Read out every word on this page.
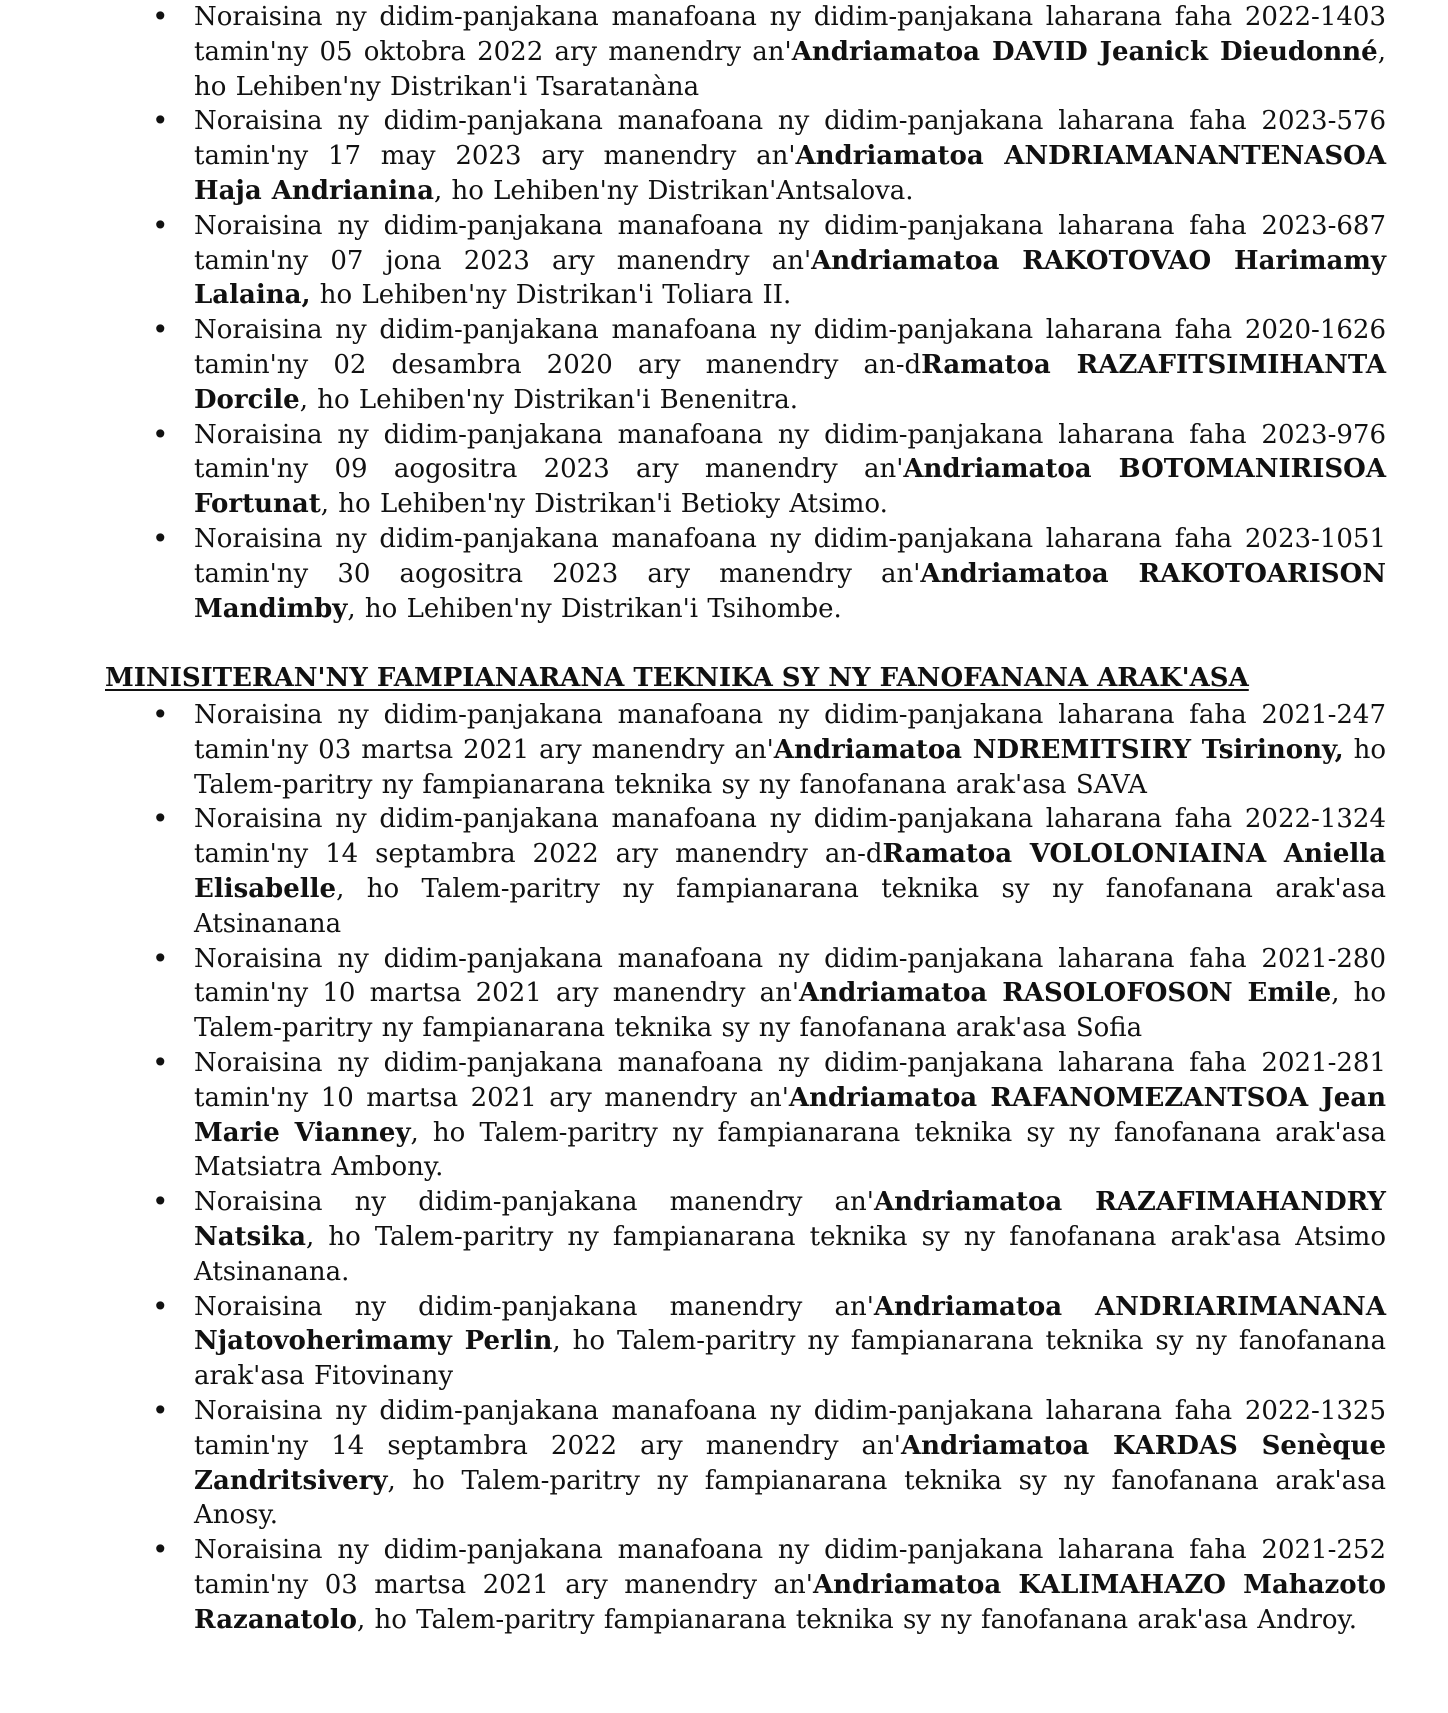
• Noraisina ny didim-panjakana manafoana ny didim-panjakana laharana faha 2022-1403 tamin'ny 05 oktobra 2022 ary manendry an'Andriamatoa DAVID Jeanick Dieudonné, ho Lehiben'ny Distrikan'i Tsaratanàna
• Noraisina ny didim-panjakana manafoana ny didim-panjakana laharana faha 2023-576 tamin'ny 17 may 2023 ary manendry an'Andriamatoa ANDRIAMANANTENASOA Haja Andrianina, ho Lehiben'ny Distrikan'Antsalova.
• Noraisina ny didim-panjakana manafoana ny didim-panjakana laharana faha 2023-687 tamin'ny 07 jona 2023 ary manendry an'Andriamatoa RAKOTOVAO Harimamy Lalaina, ho Lehiben'ny Distrikan'i Toliara II.
• Noraisina ny didim-panjakana manafoana ny didim-panjakana laharana faha 2020-1626 tamin'ny 02 desambra 2020 ary manendry an-dRamatoa RAZAFITSIMIHANTA Dorcile, ho Lehiben'ny Distrikan'i Benenitra.
• Noraisina ny didim-panjakana manafoana ny didim-panjakana laharana faha 2023-976 tamin'ny 09 aogositra 2023 ary manendry an'Andriamatoa BOTOMANIRISOA Fortunat, ho Lehiben'ny Distrikan'i Betioky Atsimo.
• Noraisina ny didim-panjakana manafoana ny didim-panjakana laharana faha 2023-1051 tamin'ny 30 aogositra 2023 ary manendry an'Andriamatoa RAKOTOARISON Mandimby, ho Lehiben'ny Distrikan'i Tsihombe.
MINISITERAN'NY FAMPIANARANA TEKNIKA SY NY FANOFANANA ARAK'ASA
• Noraisina ny didim-panjakana manafoana ny didim-panjakana laharana faha 2021-247 tamin'ny 03 martsa 2021 ary manendry an'Andriamatoa NDREMITSIRY Tsirinony, ho Talem-paritry ny fampianarana teknika sy ny fanofanana arak'asa SAVA
• Noraisina ny didim-panjakana manafoana ny didim-panjakana laharana faha 2022-1324 tamin'ny 14 septambra 2022 ary manendry an-dRamatoa VOLOLONIAINA Aniella Elisabelle, ho Talem-paritry ny fampianarana teknika sy ny fanofanana arak'asa Atsinanana
• Noraisina ny didim-panjakana manafoana ny didim-panjakana laharana faha 2021-280 tamin'ny 10 martsa 2021 ary manendry an'Andriamatoa RASOLOFOSON Emile, ho Talem-paritry ny fampianarana teknika sy ny fanofanana arak'asa Sofia
• Noraisina ny didim-panjakana manafoana ny didim-panjakana laharana faha 2021-281 tamin'ny 10 martsa 2021 ary manendry an'Andriamatoa RAFANOMEZANTSOA Jean Marie Vianney, ho Talem-paritry ny fampianarana teknika sy ny fanofanana arak'asa Matsiatra Ambony.
• Noraisina ny didim-panjakana manendry an'Andriamatoa RAZAFIMAHANDRY Natsika, ho Talem-paritry ny fampianarana teknika sy ny fanofanana arak'asa Atsimo Atsinanana.
• Noraisina ny didim-panjakana manendry an'Andriamatoa ANDRIARIMANANA Njatovoherimamy Perlin, ho Talem-paritry ny fampianarana teknika sy ny fanofanana arak'asa Fitovinany
• Noraisina ny didim-panjakana manafoana ny didim-panjakana laharana faha 2022-1325 tamin'ny 14 septambra 2022 ary manendry an'Andriamatoa KARDAS Senèque Zandritsivery, ho Talem-paritry ny fampianarana teknika sy ny fanofanana arak'asa Anosy.
• Noraisina ny didim-panjakana manafoana ny didim-panjakana laharana faha 2021-252 tamin'ny 03 martsa 2021 ary manendry an'Andriamatoa KALIMAHAZO Mahazoto Razanatolo, ho Talem-paritry fampianarana teknika sy ny fanofanana arak'asa Androy.
